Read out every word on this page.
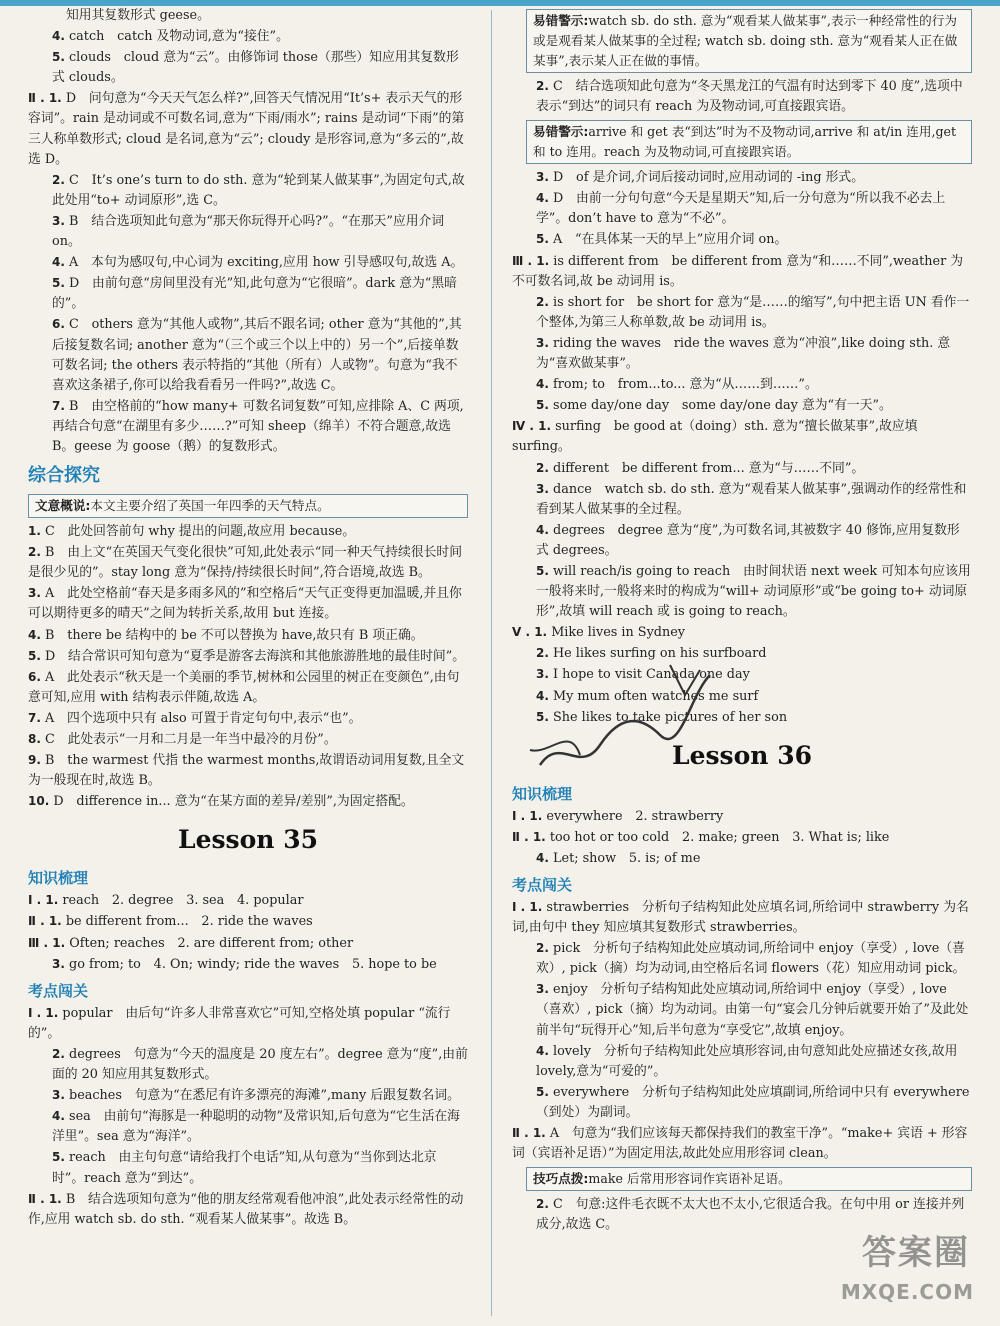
知用其复数形式 geese。
4. catch　catch 及物动词,意为“接住”。
5. clouds　cloud 意为“云”。由修饰词 those（那些）知应用其复数形式 clouds。
Ⅱ . 1. D　问句意为“今天天气怎么样?”,回答天气情况用“It’s+ 表示天气的形容词”。rain 是动词或不可数名词,意为“下雨/雨水”; rains 是动词“下雨”的第三人称单数形式; cloud 是名词,意为“云”; cloudy 是形容词,意为“多云的”,故选 D。
2. C　It’s one’s turn to do sth. 意为“轮到某人做某事”,为固定句式,故此处用“to+ 动词原形”,选 C。
3. B　结合选项知此句意为“那天你玩得开心吗?”。“在那天”应用介词 on。
4. A　本句为感叹句,中心词为 exciting,应用 how 引导感叹句,故选 A。
5. D　由前句意“房间里没有光”知,此句意为“它很暗”。dark 意为“黑暗的”。
6. C　others 意为“其他人或物”,其后不跟名词; other 意为“其他的”,其后接复数名词; another 意为“（三个或三个以上中的）另一个”,后接单数可数名词; the others 表示特指的“其他（所有）人或物”。句意为“我不喜欢这条裙子,你可以给我看看另一件吗?”,故选 C。
7. B　由空格前的“how many+ 可数名词复数”可知,应排除 A、C 两项,再结合句意“在湖里有多少……?”可知 sheep（绵羊）不符合题意,故选 B。geese 为 goose（鹅）的复数形式。
综合探究
文意概说:本文主要介绍了英国一年四季的天气特点。
1. C　此处回答前句 why 提出的问题,故应用 because。
2. B　由上文“在英国天气变化很快”可知,此处表示“同一种天气持续很长时间是很少见的”。stay long 意为“保持/持续很长时间”,符合语境,故选 B。
3. A　此处空格前“春天是多雨多风的”和空格后“天气正变得更加温暖,并且你可以期待更多的晴天”之间为转折关系,故用 but 连接。
4. B　there be 结构中的 be 不可以替换为 have,故只有 B 项正确。
5. D　结合常识可知句意为“夏季是游客去海滨和其他旅游胜地的最佳时间”。
6. A　此处表示“秋天是一个美丽的季节,树林和公园里的树正在变颜色”,由句意可知,应用 with 结构表示伴随,故选 A。
7. A　四个选项中只有 also 可置于肯定句句中,表示“也”。
8. C　此处表示“一月和二月是一年当中最冷的月份”。
9. B　the warmest 代指 the warmest months,故谓语动词用复数,且全文为一般现在时,故选 B。
10. D　difference in... 意为“在某方面的差异/差别”,为固定搭配。
Lesson 35
知识梳理
Ⅰ . 1. reach　2. degree　3. sea　4. popular
Ⅱ . 1. be different from...　2. ride the waves
Ⅲ . 1. Often; reaches　2. are different from; other
3. go from; to　4. On; windy; ride the waves　5. hope to be
考点闯关
Ⅰ . 1. popular　由后句“许多人非常喜欢它”可知,空格处填 popular “流行的”。
2. degrees　句意为“今天的温度是 20 度左右”。degree 意为“度”,由前面的 20 知应用其复数形式。
3. beaches　句意为“在悉尼有许多漂亮的海滩”,many 后跟复数名词。
4. sea　由前句“海豚是一种聪明的动物”及常识知,后句意为“它生活在海洋里”。sea 意为“海洋”。
5. reach　由主句句意“请给我打个电话”知,从句意为“当你到达北京时”。reach 意为“到达”。
Ⅱ . 1. B　结合选项知句意为“他的朋友经常观看他冲浪”,此处表示经常性的动作,应用 watch sb. do sth. “观看某人做某事”。故选 B。
易错警示:watch sb. do sth. 意为“观看某人做某事”,表示一种经常性的行为或是观看某人做某事的全过程; watch sb. doing sth. 意为“观看某人正在做某事”,表示某人正在做的事情。
2. C　结合选项知此句意为“冬天黑龙江的气温有时达到零下 40 度”,选项中表示“到达”的词只有 reach 为及物动词,可直接跟宾语。
易错警示:arrive 和 get 表“到达”时为不及物动词,arrive 和 at/in 连用,get 和 to 连用。reach 为及物动词,可直接跟宾语。
3. D　of 是介词,介词后接动词时,应用动词的 -ing 形式。
4. D　由前一分句句意“今天是星期天”知,后一分句意为“所以我不必去上学”。don’t have to 意为“不必”。
5. A　“在具体某一天的早上”应用介词 on。
Ⅲ . 1. is different from　be different from 意为“和……不同”,weather 为不可数名词,故 be 动词用 is。
2. is short for　be short for 意为“是……的缩写”,句中把主语 UN 看作一个整体,为第三人称单数,故 be 动词用 is。
3. riding the waves　ride the waves 意为“冲浪”,like doing sth. 意为“喜欢做某事”。
4. from; to　from...to... 意为“从……到……”。
5. some day/one day　some day/one day 意为“有一天”。
Ⅳ . 1. surfing　be good at（doing）sth. 意为“擅长做某事”,故应填 surfing。
2. different　be different from... 意为“与……不同”。
3. dance　watch sb. do sth. 意为“观看某人做某事”,强调动作的经常性和看到某人做某事的全过程。
4. degrees　degree 意为“度”,为可数名词,其被数字 40 修饰,应用复数形式 degrees。
5. will reach/is going to reach　由时间状语 next week 可知本句应该用一般将来时,一般将来时的构成为“will+ 动词原形”或“be going to+ 动词原形”,故填 will reach 或 is going to reach。
Ⅴ . 1. Mike lives in Sydney
2. He likes surfing on his surfboard
3. I hope to visit Canada one day
4. My mum often watches me surf
5. She likes to take pictures of her son
Lesson 36
知识梳理
Ⅰ . 1. everywhere　2. strawberry
Ⅱ . 1. too hot or too cold　2. make; green　3. What is; like
4. Let; show　5. is; of me
考点闯关
Ⅰ . 1. strawberries　分析句子结构知此处应填名词,所给词中 strawberry 为名词,由句中 they 知应填其复数形式 strawberries。
2. pick　分析句子结构知此处应填动词,所给词中 enjoy（享受）, love（喜欢）, pick（摘）均为动词,由空格后名词 flowers（花）知应用动词 pick。
3. enjoy　分析句子结构知此处应填动词,所给词中 enjoy（享受）, love（喜欢）, pick（摘）均为动词。由第一句“宴会几分钟后就要开始了”及此处前半句“玩得开心”知,后半句意为“享受它”,故填 enjoy。
4. lovely　分析句子结构知此处应填形容词,由句意知此处应描述女孩,故用 lovely,意为“可爱的”。
5. everywhere　分析句子结构知此处应填副词,所给词中只有 everywhere（到处）为副词。
Ⅱ . 1. A　句意为“我们应该每天都保持我们的教室干净”。“make+ 宾语 + 形容词（宾语补足语）”为固定用法,故此处应用形容词 clean。
技巧点拨:make 后常用形容词作宾语补足语。
2. C　句意:这件毛衣既不太大也不太小,它很适合我。在句中用 or 连接并列成分,故选 C。
答案圈
MXQE.COM
